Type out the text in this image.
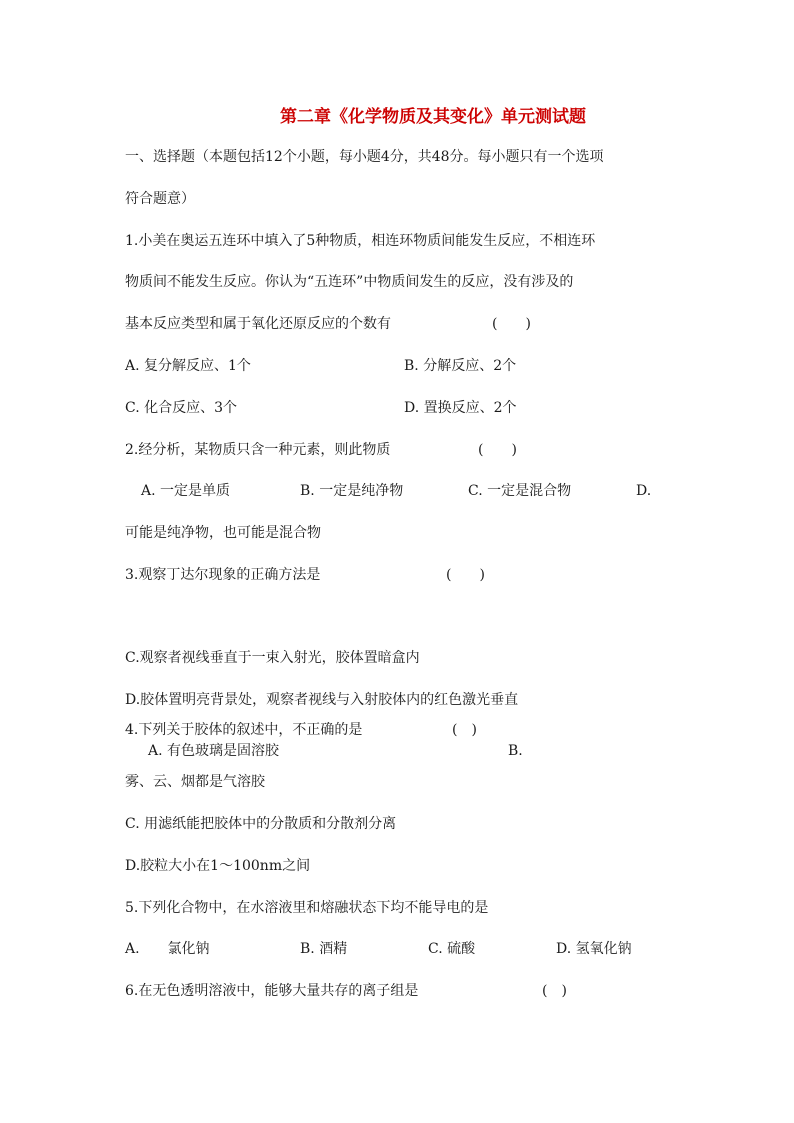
第二章《化学物质及其变化》单元测试题
一、选择题（本题包括12个小题，每小题4分，共48分。每小题只有一个选项
符合题意）
1.小美在奥运五连环中填入了5种物质，相连环物质间能发生反应，不相连环
物质间不能发生反应。你认为“五连环”中物质间发生的反应，没有涉及的
基本反应类型和属于氧化还原反应的个数有	(　　)
A. 复分解反应、1个	B. 分解反应、2个
C. 化合反应、3个	D. 置换反应、2个
2.经分析，某物质只含一种元素，则此物质	(　　)
A. 一定是单质	B. 一定是纯净物	C. 一定是混合物	D.
可能是纯净物，也可能是混合物
3.观察丁达尔现象的正确方法是	(　　)
C.观察者视线垂直于一束入射光，胶体置暗盒内
D.胶体置明亮背景处，观察者视线与入射胶体内的红色激光垂直
4.下列关于胶体的叙述中，不正确的是	(　)
A. 有色玻璃是固溶胶	B.
雾、云、烟都是气溶胶
C. 用滤纸能把胶体中的分散质和分散剂分离
D.胶粒大小在1～100nm之间
5.下列化合物中，在水溶液里和熔融状态下均不能导电的是
A.　　氯化钠	B. 酒精	C. 硫酸	D. 氢氧化钠
6.在无色透明溶液中，能够大量共存的离子组是	(　)
